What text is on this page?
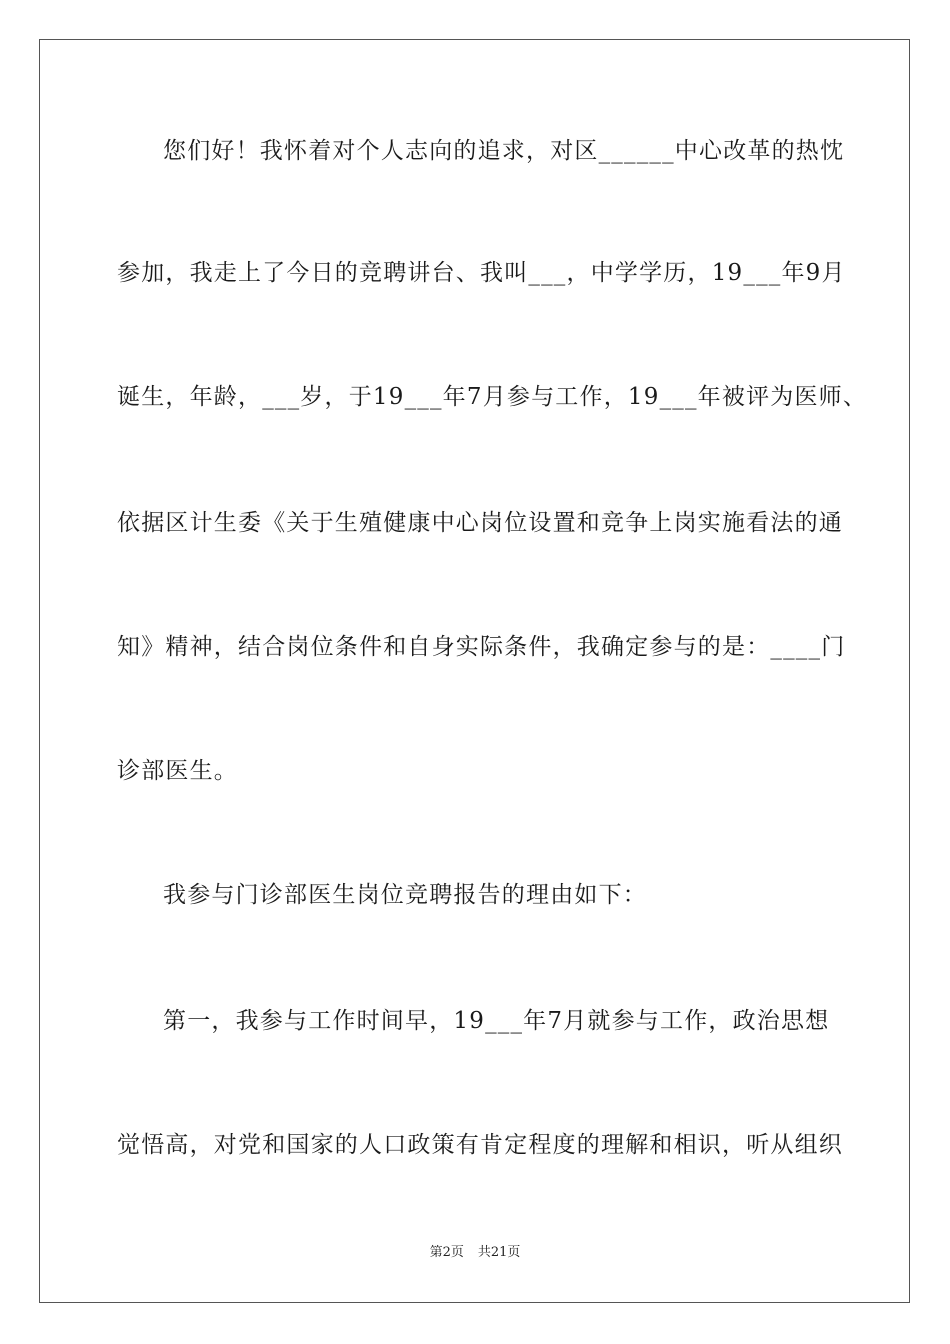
您们好！我怀着对个人志向的追求，对区______中心改革的热忱
参加，我走上了今日的竞聘讲台、我叫___，中学学历，19___年9月
诞生，年龄，___岁，于19___年7月参与工作，19___年被评为医师、
依据区计生委《关于生殖健康中心岗位设置和竞争上岗实施看法的通
知》精神，结合岗位条件和自身实际条件，我确定参与的是：____门
诊部医生。
我参与门诊部医生岗位竞聘报告的理由如下：
第一，我参与工作时间早，19___年7月就参与工作，政治思想
觉悟高，对党和国家的人口政策有肯定程度的理解和相识，听从组织
第2页 共21页
